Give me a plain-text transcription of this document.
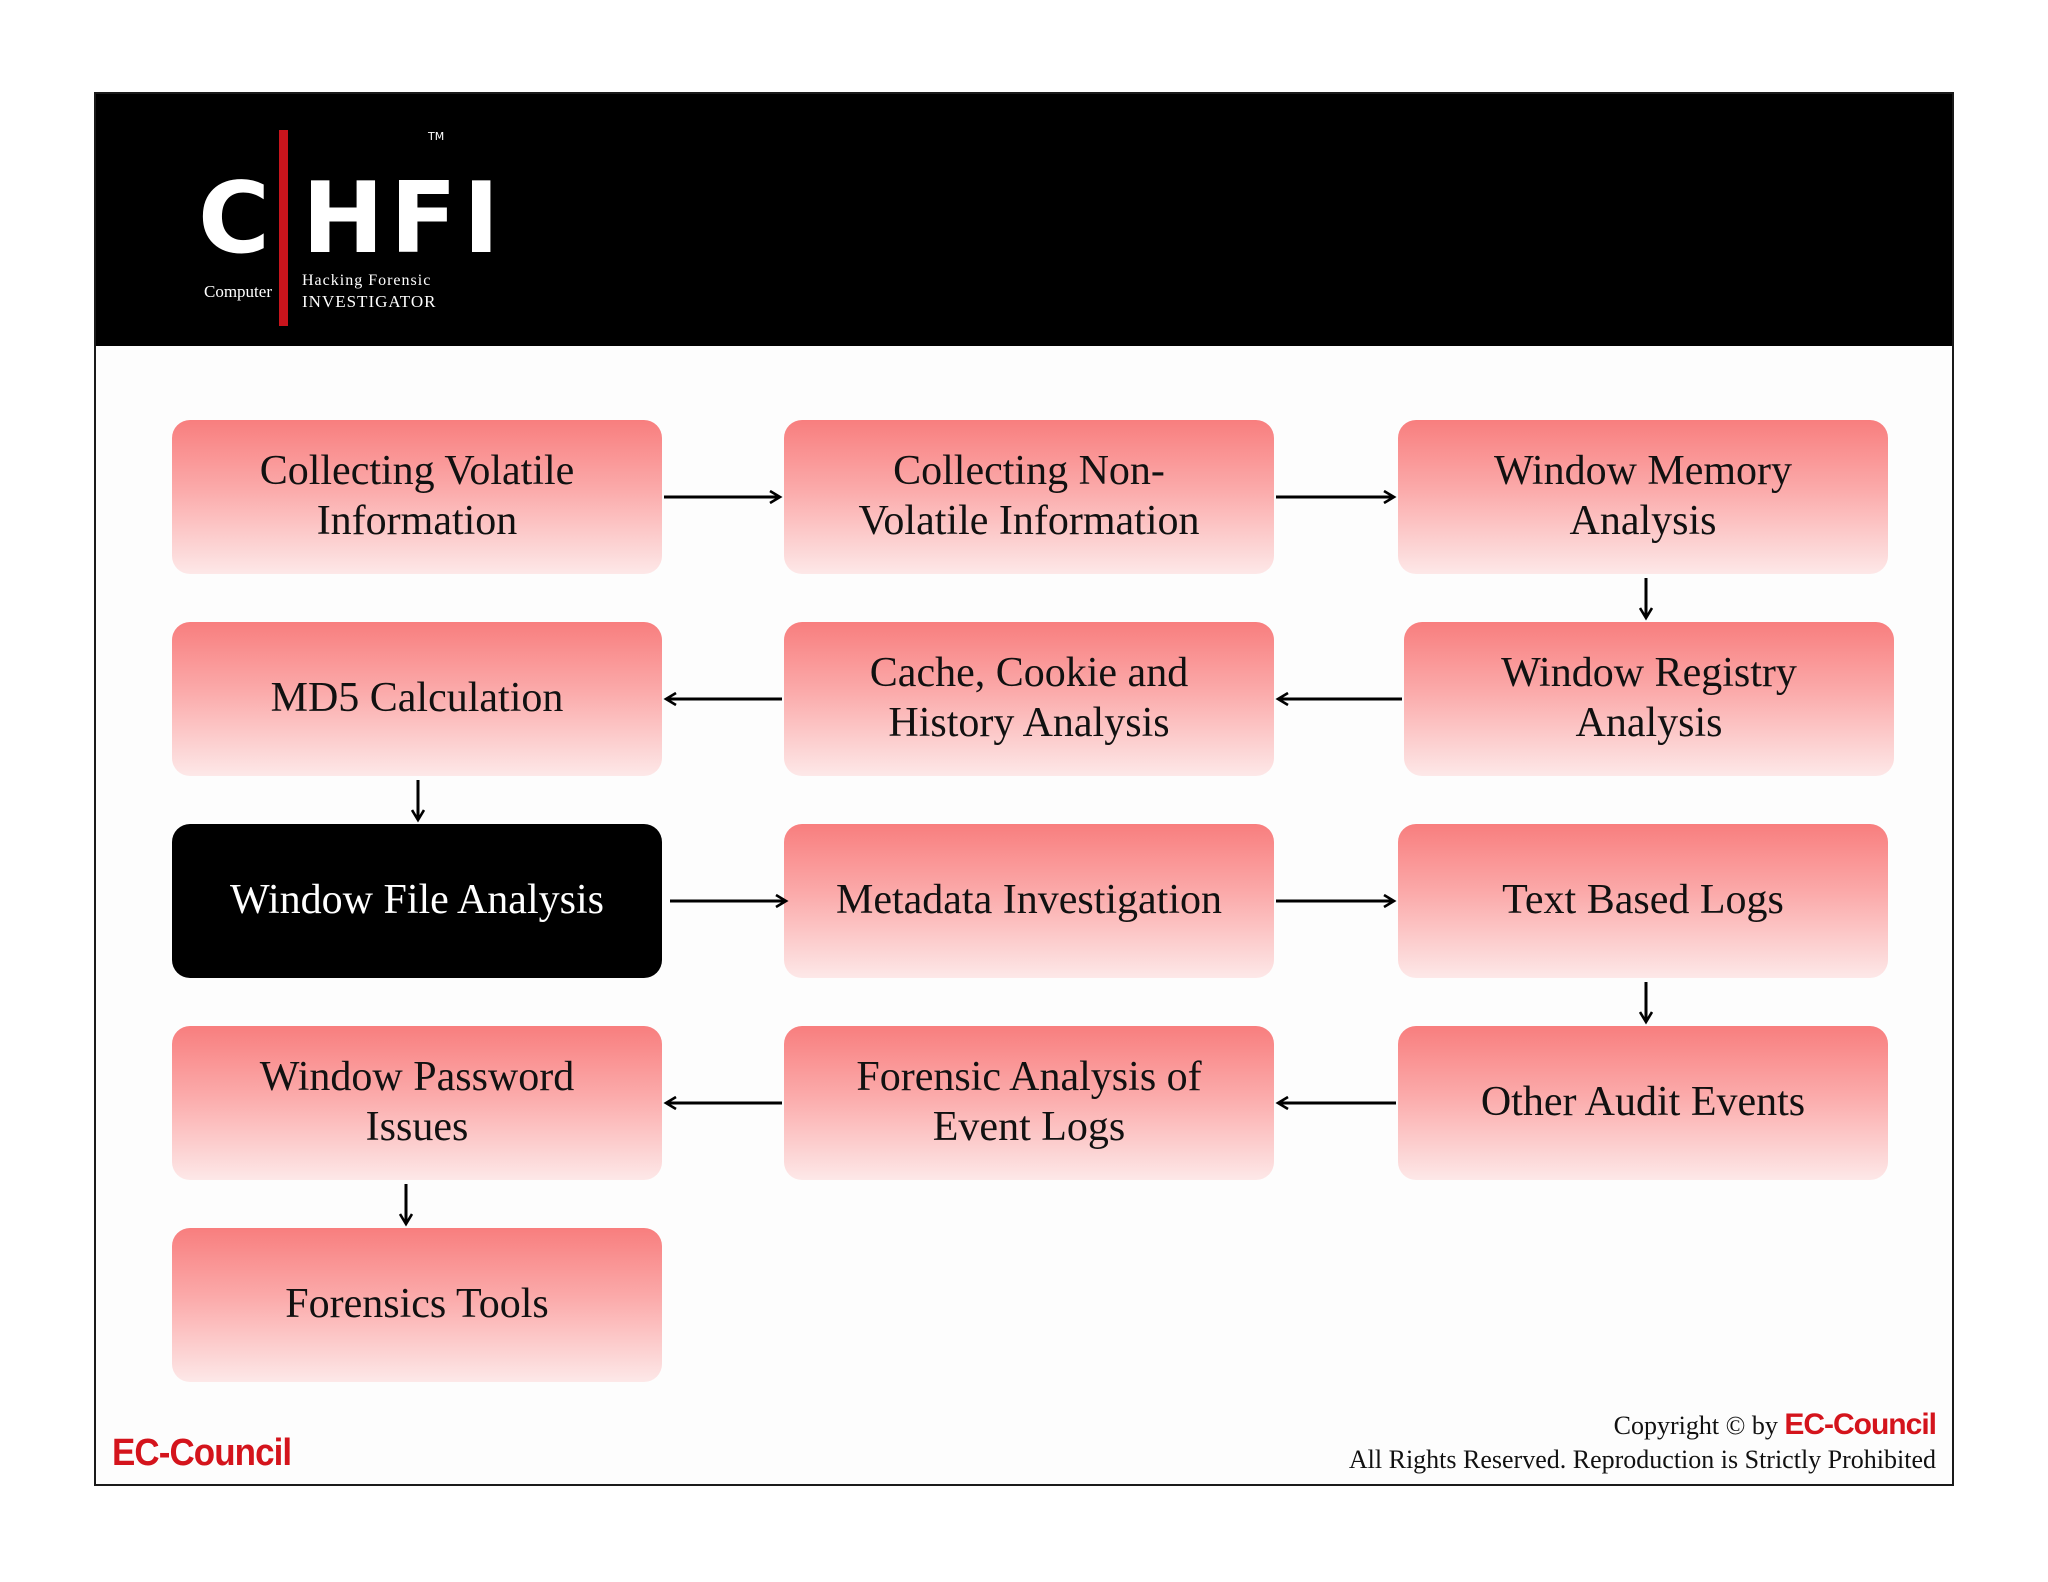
C HFI
TM
Computer
Hacking Forensic
INVESTIGATOR
Collecting Volatile
Information
Collecting Non-
Volatile Information
Window Memory
Analysis
Window Registry
Analysis
Cache, Cookie and
History Analysis
MD5 Calculation
Window File Analysis	Metadata Investigation	Text Based Logs
Other Audit Events
Forensic Analysis of
Event Logs
Window Password
Issues
Forensics Tools
EC-Council
Copyright © by EC-Council
All Rights Reserved. Reproduction is Strictly Prohibited
